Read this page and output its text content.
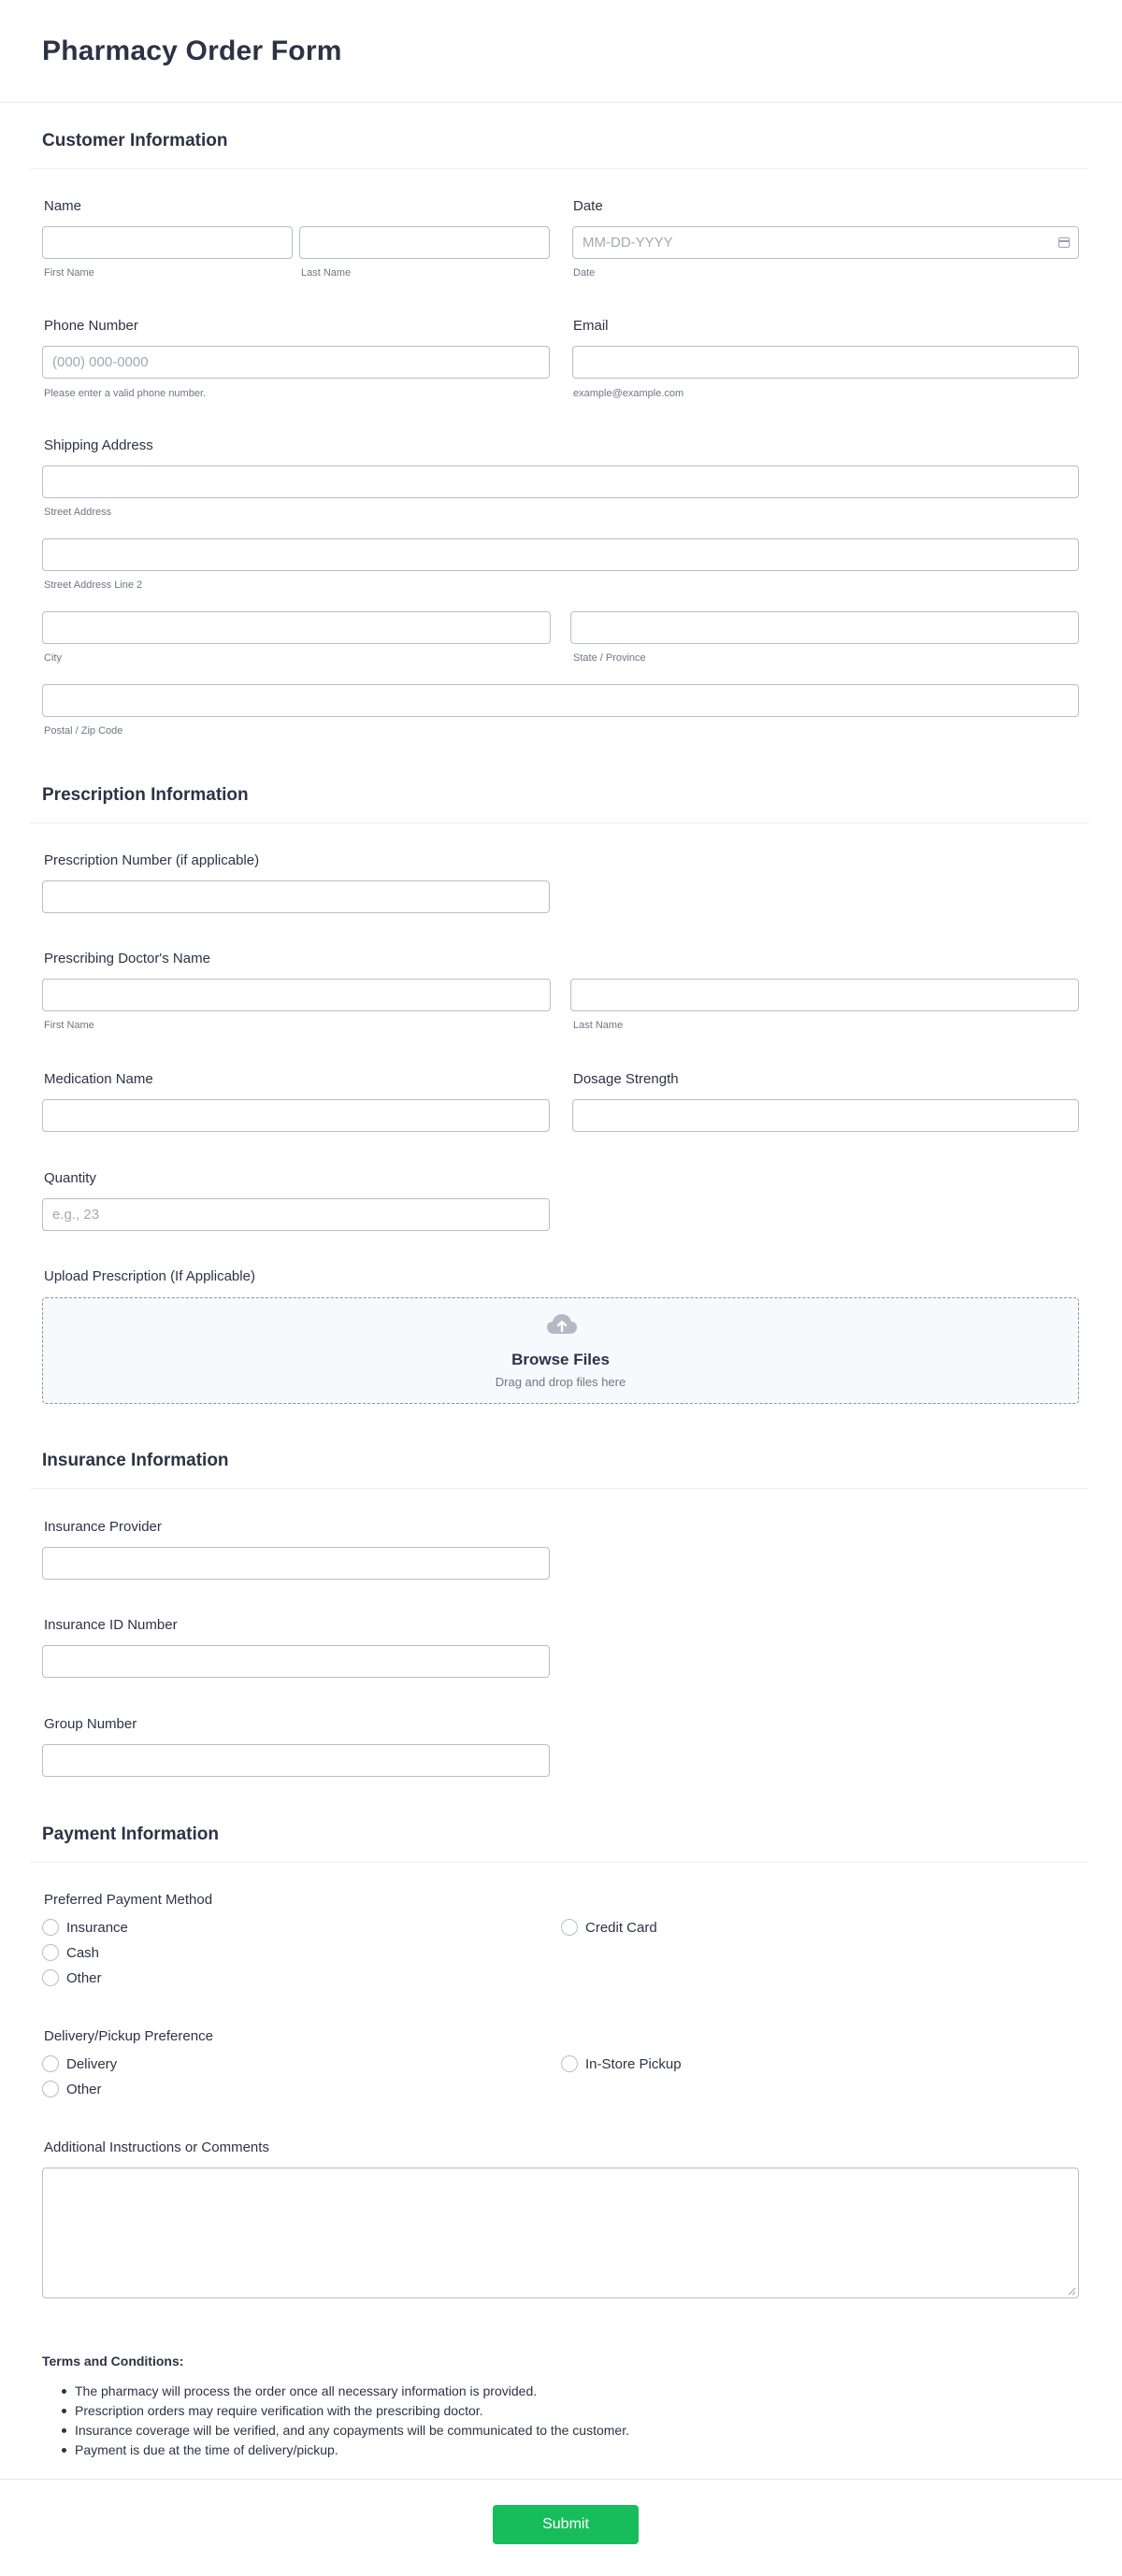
Pharmacy Order Form
Customer Information
Name
First Name	Last Name
Date
MM-DD-YYYY
Date
Phone Number
(000) 000-0000
Please enter a valid phone number.
Email
example@example.com
Shipping Address
Street Address
Street Address Line 2
City	State / Province
Postal / Zip Code
Prescription Information
Prescription Number (if applicable)
Prescribing Doctor's Name
First Name	Last Name
Medication Name	Dosage Strength
Quantity
e.g., 23
Upload Prescription (If Applicable)
Browse Files
Drag and drop files here
Insurance Information
Insurance Provider
Insurance ID Number
Group Number
Payment Information
Preferred Payment Method
Insurance	Credit Card
Cash
Other
Delivery/Pickup Preference
Delivery	In-Store Pickup
Other
Additional Instructions or Comments
Terms and Conditions:
The pharmacy will process the order once all necessary information is provided.
Prescription orders may require verification with the prescribing doctor.
Insurance coverage will be verified, and any copayments will be communicated to the customer.
Payment is due at the time of delivery/pickup.
Submit
